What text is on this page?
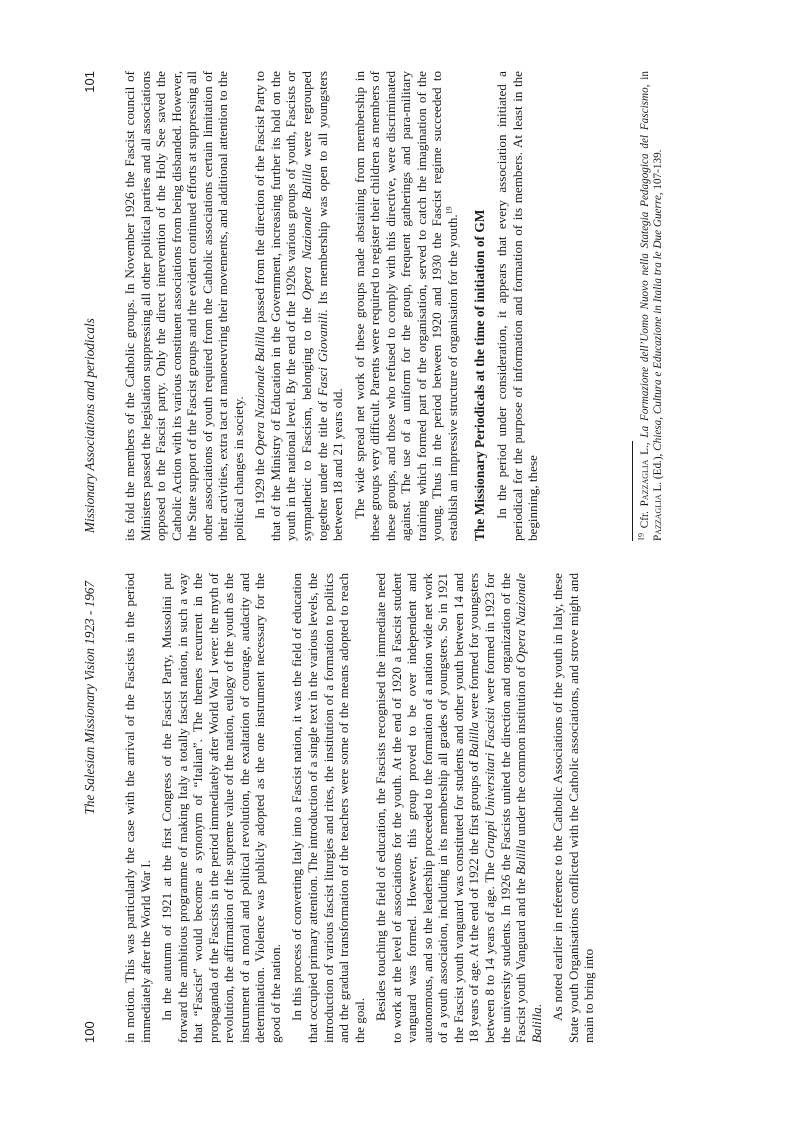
100
The Salesian Missionary Vision 1923 - 1967 in motion. This was particularly the case with the arrival of the Fascists in the period immediately after the World War I. In the autumn of 1921 at the first Congress of the Fascist Party, Mussolini put forward the ambitious programme of making Italy a totally fascist nation, in such a way that “Fascist” would become a synonym of “Italian”. The themes recurrent in the propaganda of the Fascists in the period immediately after World War I were: the myth of revolution, the affirmation of the supreme value of the nation, eulogy of the youth as the instrument of a moral and political revolution, the exaltation of courage, audacity and determination. Violence was publicly adopted as the one instrument necessary for the good of the nation. In this process of converting Italy into a Fascist nation, it was the field of education that occupied primary attention. The introduction of a single text in the various levels, the introduction of various fascist liturgies and rites, the institution of a formation to politics and the gradual transformation of the teachers were some of the means adopted to reach the goal. Besides touching the field of education, the Fascists recognised the immediate need to work at the level of associations for the youth. At the end of 1920 a Fascist student vanguard was formed. However, this group proved to be over independent and autonomous, and so the leadership proceeded to the formation of a nation wide net work of a youth association, including in its membership all grades of youngsters. So in 1921 the Fascist youth vanguard was constituted for students and other youth between 14 and 18 years of age. At the end of 1922 the first groups of Balilla were formed for youngsters between 8 to 14 years of age. The Gruppi Universitari Fascisti were formed in 1923 for the university students. In 1926 the Fascists united the direction and organization of the Fascist youth Vanguard and the Balilla under the common institution of Opera Nazionale Balilla. As noted earlier in reference to the Catholic Associations of the youth in Italy, these State youth Organisations conflicted with the Catholic associations, and strove might and main to bring into

Missionary Associations and periodicals
101 its fold the members of the Catholic groups. In November 1926 the Fascist council of Ministers passed the legislation suppressing all other political parties and all associations opposed to the Fascist party. Only the direct intervention of the Holy See saved the Catholic Action with its various constituent associations from being disbanded. However, the State support of the Fascist groups and the evident continued efforts at suppressing all other associations of youth required from the Catholic associations certain limitation of their activities, extra tact at manoeuvring their movements, and additional attention to the political changes in society. In 1929 the Opera Nazionale Balilla passed from the direction of the Fascist Party to that of the Ministry of Education in the Government, increasing further its hold on the youth in the national level. By the end of the 1920s various groups of youth, Fascists or sympathetic to Fascism, belonging to the Opera Nazionale Balilla were regrouped together under the title of Fasci Giovanili. Its membership was open to all youngsters between 18 and 21 years old. The wide spread net work of these groups made abstaining from membership in these groups very difficult. Parents were required to register their children as members of these groups, and those who refused to comply with this directive, were discriminated against. The use of a uniform for the group, frequent gatherings and para-military training which formed part of the organisation, served to catch the imagination of the young. Thus in the period between 1920 and 1930 the Fascist regime succeeded to establish an impressive structure of organisation for the youth.$^{19}$	The Missionary Periodicals at the time of initiation of GM In the period under consideration, it appears that every association initiated a periodical for the purpose of information and formation of its members. At least in the beginning, these	$^{19}$ Cfr. Pazzaglia L., La Formazione dell’Uomo Nuovo nella Stategia Pedagogica del Fascismo, in Pazzaglia L. (Ed.), Chiesa, Cultura e Educazione in Italia tra le Due Guerre, 107-139.
